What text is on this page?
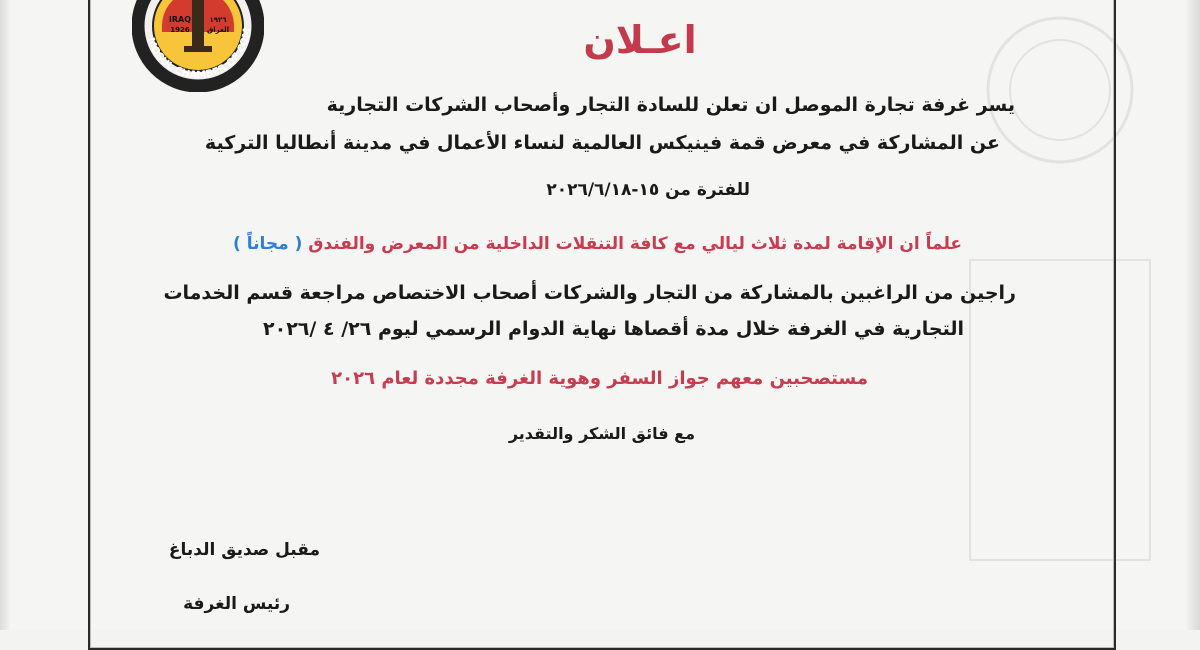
MOSUL CHAMBER OF COM
IRAQ
1926
١٩٢٦
العراق	اعـلان
يسر غرفة تجارة الموصل ان تعلن للسادة التجار وأصحاب الشركات التجارية
عن المشاركة في معرض قمة فينيكس العالمية لنساء الأعمال في مدينة أنطاليا التركية
للفترة من ١٥-٢٠٢٦/٦/١٨
علماً ان الإقامة لمدة ثلاث ليالي مع كافة التنقلات الداخلية من المعرض والفندق ( مجاناً )
راجين من الراغبين بالمشاركة من التجار والشركات أصحاب الاختصاص مراجعة قسم الخدمات
التجارية في الغرفة خلال مدة أقصاها نهاية الدوام الرسمي ليوم ٢٦/ ٤ /٢٠٢٦
مستصحبين معهم جواز السفر وهوية الغرفة مجددة لعام ٢٠٢٦
مع فائق الشكر والتقدير
مقبل صديق الدباغ
رئيس الغرفة
